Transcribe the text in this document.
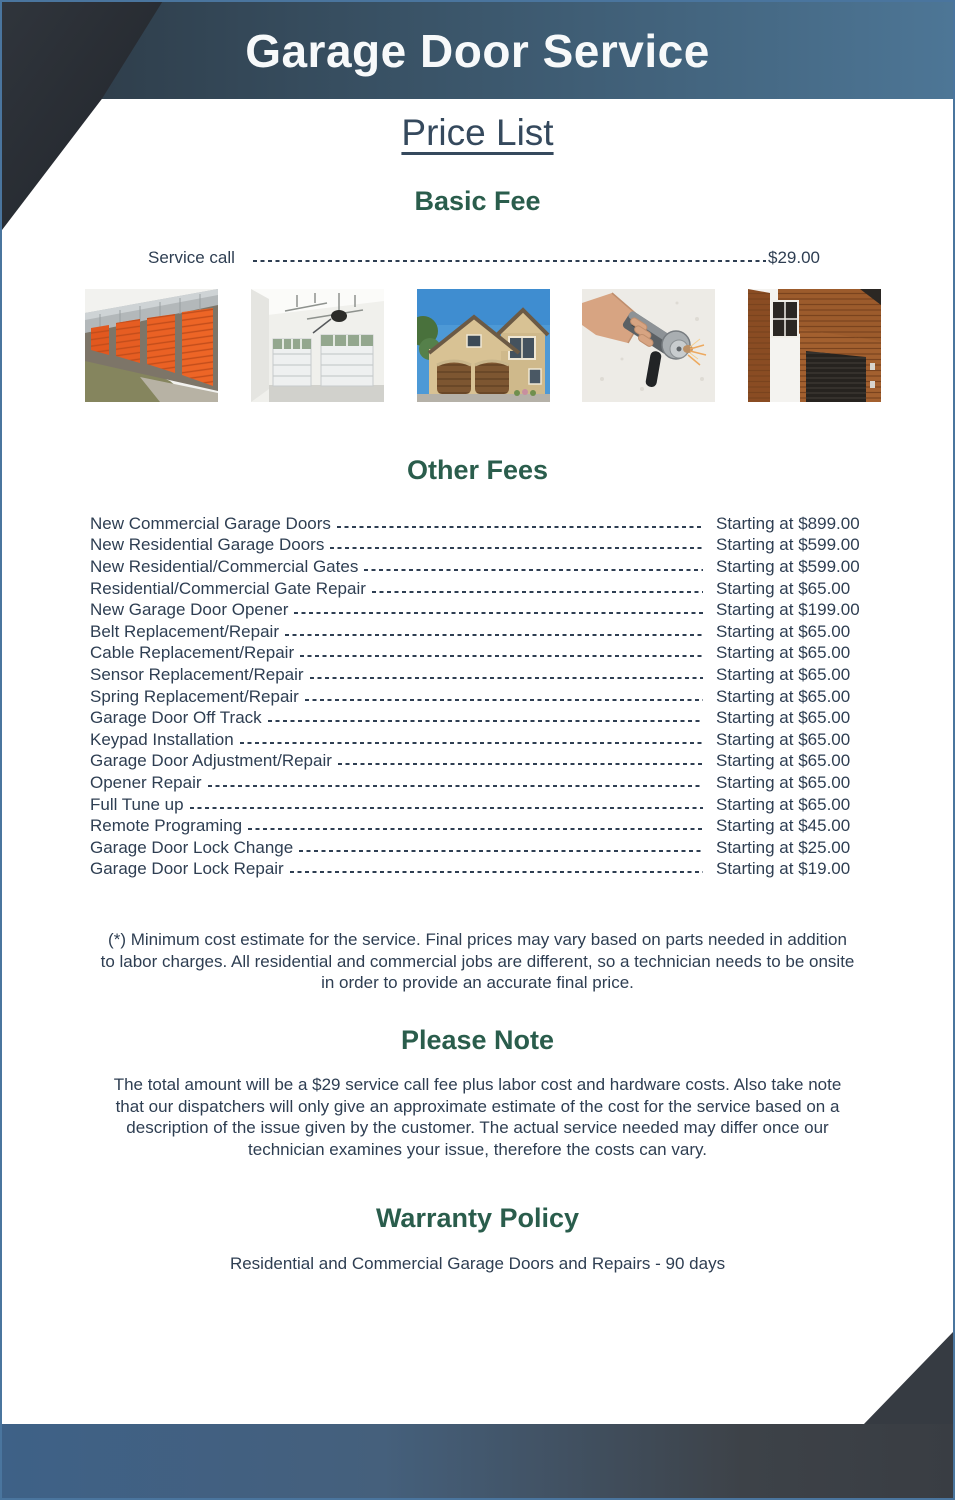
Garage Door Service
Price List
Basic Fee
Service call	$29.00
Other Fees
New Commercial Garage Doors	Starting at $899.00
New Residential Garage Doors	Starting at $599.00
New Residential/Commercial Gates	Starting at $599.00
Residential/Commercial Gate Repair	Starting at $65.00
New Garage Door Opener	Starting at $199.00
Belt Replacement/Repair	Starting at $65.00
Cable Replacement/Repair	Starting at $65.00
Sensor Replacement/Repair	Starting at $65.00
Spring Replacement/Repair	Starting at $65.00
Garage Door Off Track	Starting at $65.00
Keypad Installation	Starting at $65.00
Garage Door Adjustment/Repair	Starting at $65.00
Opener Repair	Starting at $65.00
Full Tune up	Starting at $65.00
Remote Programing	Starting at $45.00
Garage Door Lock Change	Starting at $25.00
Garage Door Lock Repair	Starting at $19.00
(*) Minimum cost estimate for the service. Final prices may vary based on parts needed in addition to labor charges. All residential and commercial jobs are different, so a technician needs to be onsite in order to provide an accurate final price.
Please Note
The total amount will be a $29 service call fee plus labor cost and hardware costs. Also take note that our dispatchers will only give an approximate estimate of the cost for the service based on a description of the issue given by the customer. The actual service needed may differ once our technician examines your issue, therefore the costs can vary.
Warranty Policy
Residential and Commercial Garage Doors and Repairs - 90 days
